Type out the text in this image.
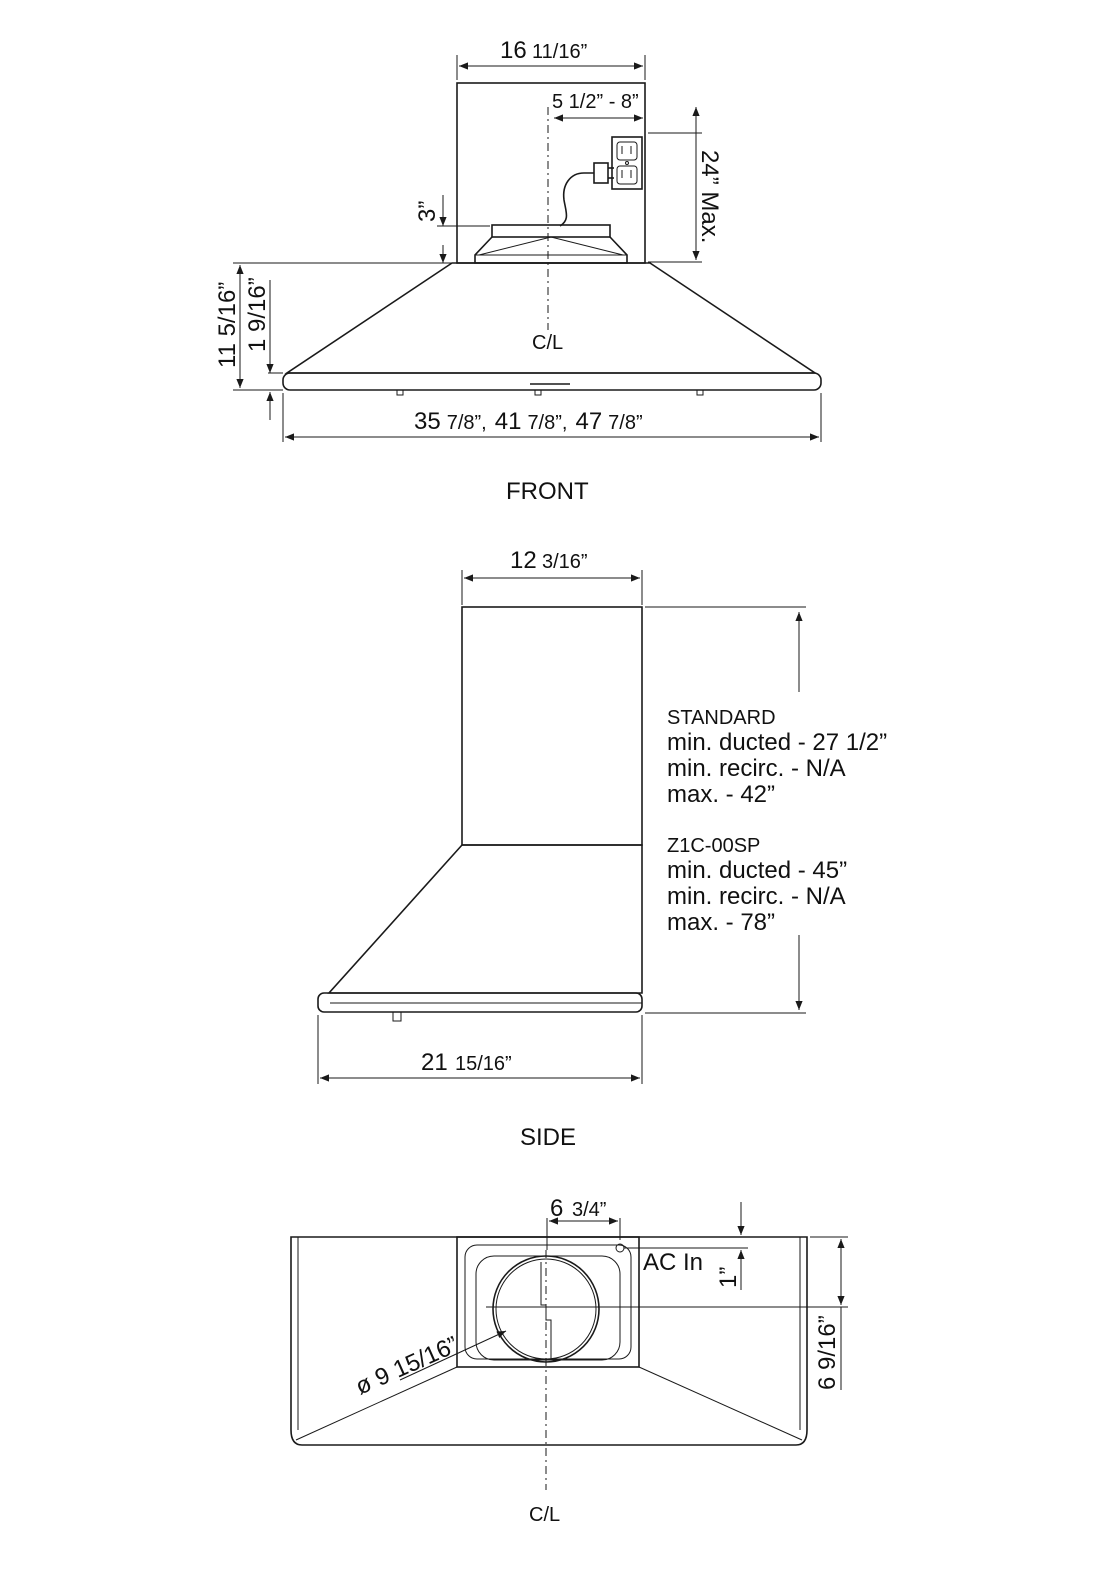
16 11/16”
5 1/2” - 8”
24” Max.
3”
C/L
11 5/16” 1 9/16”
35 7/8”, 41 7/8”, 47 7/8”
FRONT
12 3/16”
STANDARD
min. ducted - 27 1/2”
min. recirc. - N/A
max. - 42”
Z1C-00SP
min. ducted - 45”
min. recirc. - N/A
max. - 78”
21 15/16”
SIDE
6 3/4”
AC In
1”
6 9/16”
ø 9 15/16”
C/L
